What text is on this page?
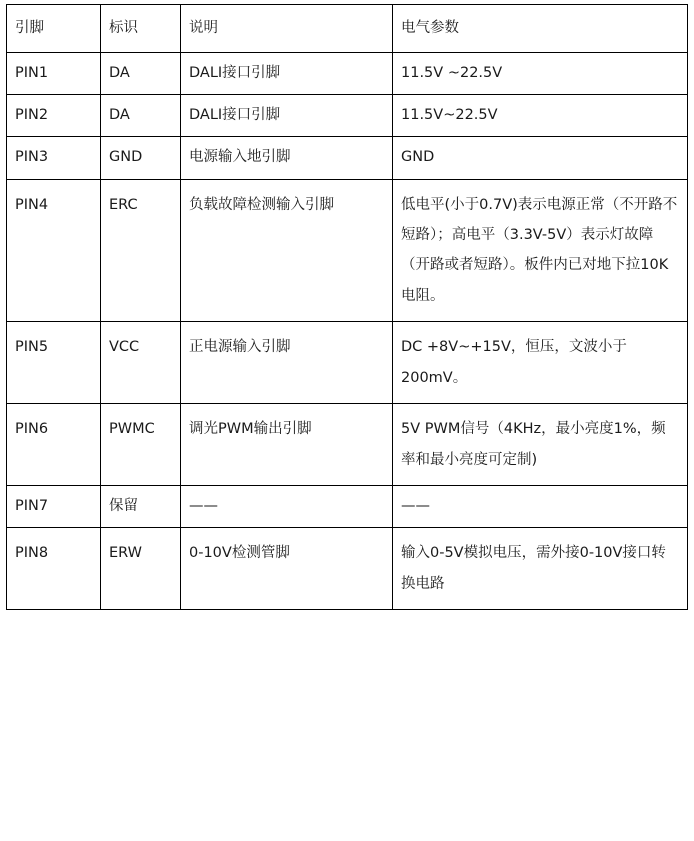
引脚	标识	说明	电气参数

PIN1	DA	DALI接口引脚	11.5V ~22.5V

PIN2	DA	DALI接口引脚	11.5V~22.5V

PIN3	GND	电源输入地引脚	GND

PIN4	ERC	负载故障检测输入引脚	低电平(小于0.7V)表示电源正常（不开路不短路）；高电平（3.3V-5V）表示灯故障（开路或者短路）。板件内已对地下拉10K电阻。

PIN5	VCC	正电源输入引脚	DC +8V~+15V，恒压，文波小于200mV。

PIN6	PWMC	调光PWM输出引脚	5V PWM信号（4KHz，最小亮度1%，频率和最小亮度可定制)

PIN7	保留	——	——

PIN8	ERW	0-10V检测管脚	输入0-5V模拟电压，需外接0-10V接口转换电路
